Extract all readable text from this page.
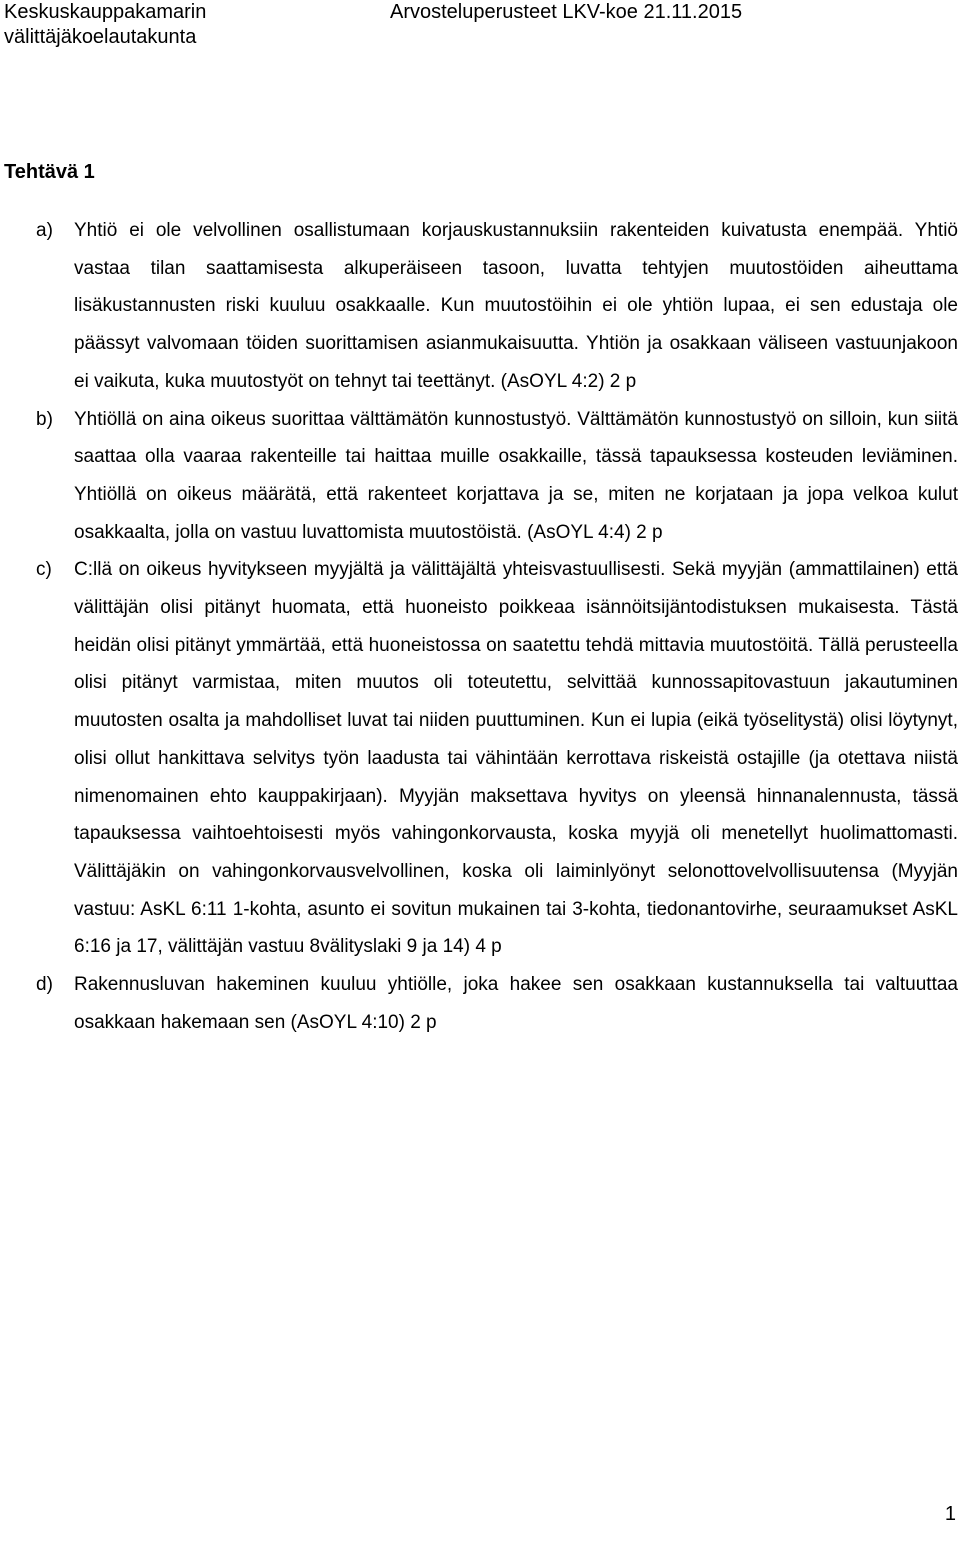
Keskuskauppakamarin
välittäjäkoelautakunta
Arvosteluperusteet LKV-koe 21.11.2015
Tehtävä 1
a) Yhtiö ei ole velvollinen osallistumaan korjauskustannuksiin rakenteiden kuivatusta enempää. Yhtiö vastaa tilan saattamisesta alkuperäiseen tasoon, luvatta tehtyjen muutostöiden aiheuttama lisäkustannusten riski kuuluu osakkaalle. Kun muutostöihin ei ole yhtiön lupaa, ei sen edustaja ole päässyt valvomaan töiden suorittamisen asianmukaisuutta. Yhtiön ja osakkaan väliseen vastuunjakoon ei vaikuta, kuka muutostyöt on tehnyt tai teettänyt. (AsOYL 4:2) 2 p
b) Yhtiöllä on aina oikeus suorittaa välttämätön kunnostustyö. Välttämätön kunnostustyö on silloin, kun siitä saattaa olla vaaraa rakenteille tai haittaa muille osakkaille, tässä tapauksessa kosteuden leviäminen. Yhtiöllä on oikeus määrätä, että rakenteet korjattava ja se, miten ne korjataan ja jopa velkoa kulut osakkaalta, jolla on vastuu luvattomista muutostöistä. (AsOYL 4:4) 2 p
c) C:llä on oikeus hyvitykseen myyjältä ja välittäjältä yhteisvastuullisesti. Sekä myyjän (ammattilainen) että välittäjän olisi pitänyt huomata, että huoneisto poikkeaa isännöitsijäntodistuksen mukaisesta. Tästä heidän olisi pitänyt ymmärtää, että huoneistossa on saatettu tehdä mittavia muutostöitä. Tällä perusteella olisi pitänyt varmistaa, miten muutos oli toteutettu, selvittää kunnossapitovastuun jakautuminen muutosten osalta ja mahdolliset luvat tai niiden puuttuminen. Kun ei lupia (eikä työselitystä) olisi löytynyt, olisi ollut hankittava selvitys työn laadusta tai vähintään kerrottava riskeistä ostajille (ja otettava niistä nimenomainen ehto kauppakirjaan). Myyjän maksettava hyvitys on yleensä hinnanalennusta, tässä tapauksessa vaihtoehtoisesti myös vahingonkorvausta, koska myyjä oli menetellyt huolimattomasti. Välittäjäkin on vahingonkorvausvelvollinen, koska oli laiminlyönyt selonottovelvollisuutensa (Myyjän vastuu: AsKL 6:11 1-kohta, asunto ei sovitun mukainen tai 3-kohta, tiedonantovirhe, seuraamukset AsKL 6:16 ja 17, välittäjän vastuu 8välityslaki 9 ja 14) 4 p
d) Rakennusluvan hakeminen kuuluu yhtiölle, joka hakee sen osakkaan kustannuksella tai valtuuttaa osakkaan hakemaan sen (AsOYL 4:10) 2 p
1
